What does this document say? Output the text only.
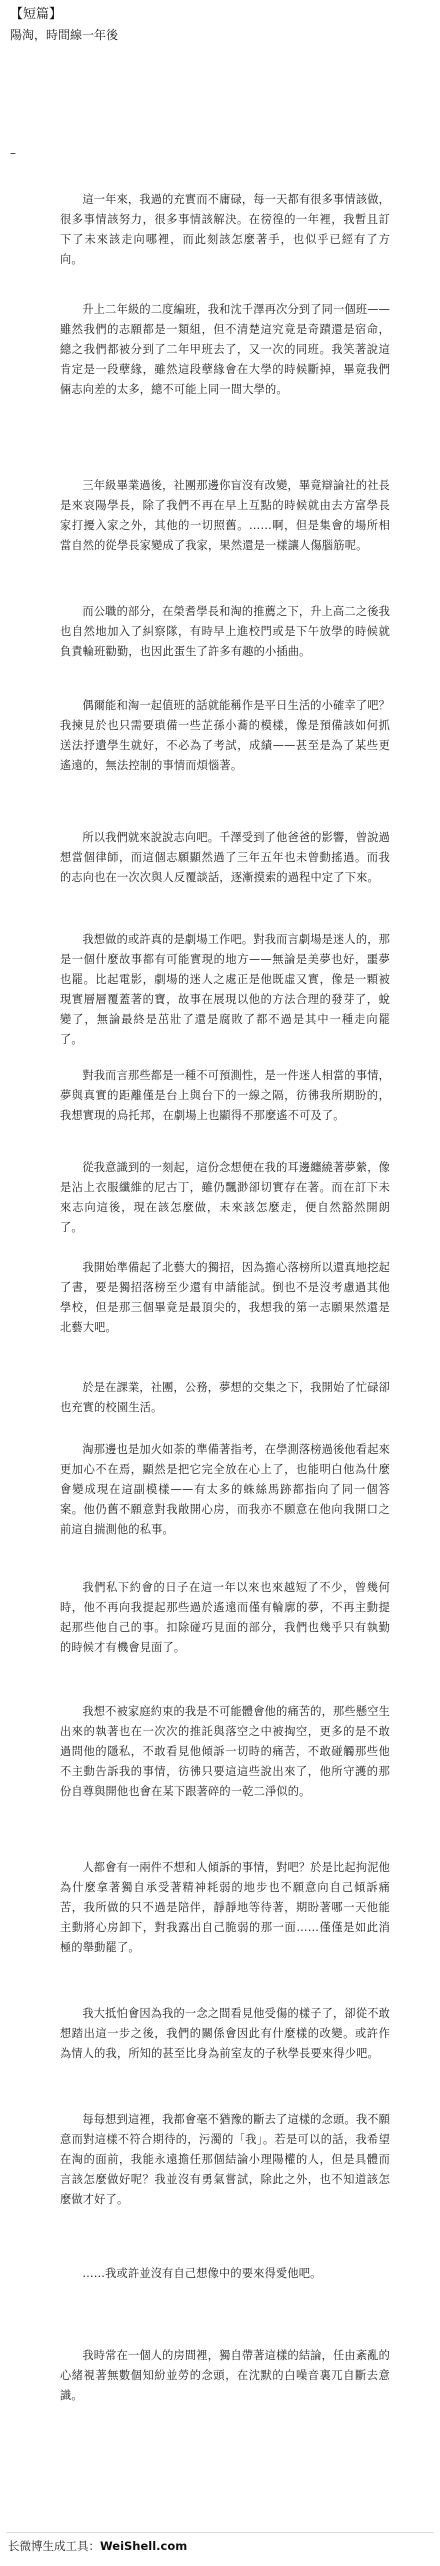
【短篇】
陽淘，時間線一年後
–

這一年來，我過的充實而不庸碌，每一天都有很多事情該做，很多事情該努力，很多事情該解決。在徬徨的一年裡，我暫且訂下了未來該走向哪裡，而此刻該怎麼著手，也似乎已經有了方向。

升上二年級的二度編班，我和沈千澤再次分到了同一個班——雖然我們的志願都是一類組，但不清楚這究竟是奇蹟還是宿命，總之我們都被分到了二年甲班去了，又一次的同班。我笑著說這肯定是一段孽緣，雖然這段孽緣會在大學的時候斷掉，畢竟我們倆志向差的太多，總不可能上同一間大學的。

三年級畢業過後，社團那邊你盲沒有改變，畢竟辯論社的社長是來哀陽學長，除了我們不再在早上互點的時候就由去方富學長家打擾入家之外，其他的一切照舊。……啊，但是集會的場所相當自然的從學長家變成了我家，果然還是一樣讓人傷腦筋呢。

而公職的部分，在榮耆學長和淘的推薦之下，升上高二之後我也自然地加入了糾察隊，有時早上進校門或是下午放學的時候就負責輪班勸勤，也因此蛋生了許多有趣的小插曲。

偶爾能和淘一起值班的話就能稱作是平日生活的小確幸了吧？我揀見於也只需要瑣備一些芷孫小蕎的模樣，像是預備該如何抓送法抒遺學生就好，不必為了考試，成績——甚至是為了某些更遙遠的，無法控制的事情而煩惱著。

所以我們就來說說志向吧。千澤受到了他爸爸的影響，曾說過想當個律師，而這個志願顯然過了三年五年也未曾動搖過。而我的志向也在一次次與人反覆談話，逐漸摸索的過程中定了下來。

我想做的或許真的是劇場工作吧。對我而言劇場是迷人的，那是一個什麼故事都有可能實現的地方——無論是美夢也好，噩夢也罷。比起電影，劇場的迷人之處正是他既虛又實，像是一顆被現實層層覆蓋著的寶，故事在展現以他的方法合理的發芽了，蛻變了，無論最終是茁壯了還是腐敗了都不過是其中一種走向罷了。

對我而言那些都是一種不可預測性，是一件迷人相當的事情，夢與真實的距離僅是台上與台下的一線之隔，彷彿我所期盼的，我想實現的烏托邦，在劇場上也顯得不那麼遙不可及了。

從我意識到的一刻起，這份念想便在我的耳邊纏繞著夢縈，像是沾上衣服纖維的尼古丁，雖仍飄渺卻切實存在著。而在訂下未來志向這後，現在該怎麼做，未來該怎麼走，便自然豁然開朗了。

我開始準備起了北藝大的獨招，因為擔心落榜所以還真地挖起了書，要是獨招落榜至少還有申請能試。倒也不是沒考慮過其他學校，但是那三個畢竟是最頂尖的，我想我的第一志願果然還是北藝大吧。

於是在課業，社團，公務，夢想的交集之下，我開始了忙碌卻也充實的校園生活。

淘那邊也是加火如荼的準備著指考，在學測落榜過後他看起來更加心不在焉，顯然是把它完全放在心上了，也能明白他為什麼會變成現在這副模樣——有太多的蛛絲馬跡都指向了同一個答案。他仍舊不願意對我敞開心房，而我亦不願意在他向我開口之前這自揣測他的私事。

我們私下約會的日子在這一年以來也來越短了不少，曾幾何時，他不再向我提起那些過於遙遠而僅有輪廓的夢，不再主動提起那些他自己的事。扣除碰巧見面的部分，我們也幾乎只有執勤的時候才有機會見面了。

我想不被家庭約束的我是不可能體會他的痛苦的，那些懸空生出來的執著也在一次次的推託與落空之中被掏空，更多的是不敢過問他的隱私，不敢看見他傾訴一切時的痛苦，不敢碰觸那些他不主動告訴我的事情，彷彿只要這這些說出來了，他所守護的那份自尊與開他也會在某下跟著碎的一乾二淨似的。

人都會有一兩件不想和人傾訴的事情，對吧？於是比起拘泥他為什麼拿著獨自承受著精神耗弱的地步也不願意向自己傾訴痛苦，我所做的只不過是陪伴，靜靜地等待著，期盼著哪一天他能主動將心房卸下，對我露出自己脆弱的那一面……僅僅是如此消極的舉動罷了。

我大抵怕會因為我的一念之間看見他受傷的樣子了，卻從不敢想踏出這一步之後，我們的關係會因此有什麼樣的改變。或許作為情人的我，所知的甚至比身為前室友的子秋學長要來得少吧。

每每想到這裡，我都會毫不猶豫的斷去了這樣的念頭。我不願意而對這樣不符合期待的，污濁的「我」。若是可以的話，我希望在淘的面前，我能永遠擔任那個結論小理陽權的人，但是具體而言該怎麼做好呢？我並沒有勇氣嘗試，除此之外，也不知道該怎麼做才好了。

……我或許並沒有自己想像中的要來得愛他吧。

我時常在一個人的房間裡，獨自帶著這樣的結論，任由紊亂的心緒視著無數個知紛並勞的念頭，在沈默的白噪音裏兀自斷去意識。

长微博生成工具：WeiShell.com
